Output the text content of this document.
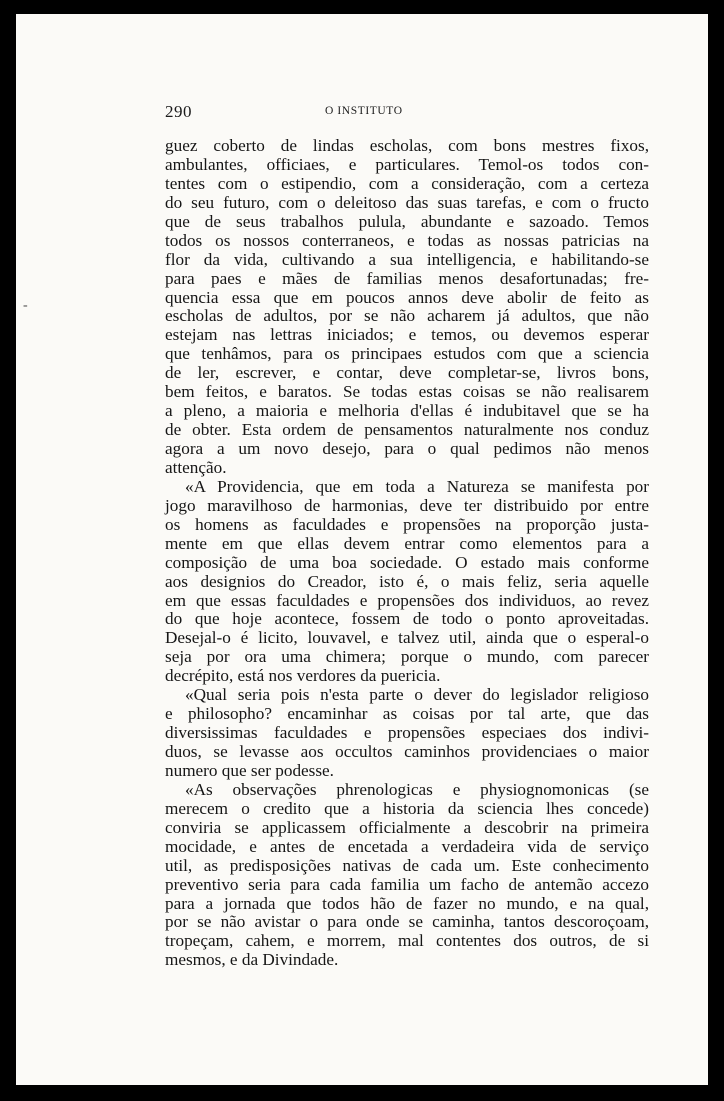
290	O INSTITUTO
-
guez coberto de lindas escholas, com bons mestres fixos,
ambulantes, officiaes, e particulares. Temol-os todos con-
tentes com o estipendio, com a consideração, com a certeza
do seu futuro, com o deleitoso das suas tarefas, e com o fructo
que de seus trabalhos pulula, abundante e sazoado. Temos
todos os nossos conterraneos, e todas as nossas patricias na
flor da vida, cultivando a sua intelligencia, e habilitando-se
para paes e mães de familias menos desafortunadas; fre-
quencia essa que em poucos annos deve abolir de feito as
escholas de adultos, por se não acharem já adultos, que não
estejam nas lettras iniciados; e temos, ou devemos esperar
que tenhâmos, para os principaes estudos com que a sciencia
de ler, escrever, e contar, deve completar-se, livros bons,
bem feitos, e baratos. Se todas estas coisas se não realisarem
a pleno, a maioria e melhoria d'ellas é indubitavel que se ha
de obter. Esta ordem de pensamentos naturalmente nos conduz
agora a um novo desejo, para o qual pedimos não menos
attenção.
«A Providencia, que em toda a Natureza se manifesta por
jogo maravilhoso de harmonias, deve ter distribuido por entre
os homens as faculdades e propensões na proporção justa-
mente em que ellas devem entrar como elementos para a
composição de uma boa sociedade. O estado mais conforme
aos designios do Creador, isto é, o mais feliz, seria aquelle
em que essas faculdades e propensões dos individuos, ao revez
do que hoje acontece, fossem de todo o ponto aproveitadas.
Desejal-o é licito, louvavel, e talvez util, ainda que o esperal-o
seja por ora uma chimera; porque o mundo, com parecer
decrépito, está nos verdores da puericia.
«Qual seria pois n'esta parte o dever do legislador religioso
e philosopho? encaminhar as coisas por tal arte, que das
diversissimas faculdades e propensões especiaes dos indivi-
duos, se levasse aos occultos caminhos providenciaes o maior
numero que ser podesse.
«As observações phrenologicas e physiognomonicas (se
merecem o credito que a historia da sciencia lhes concede)
conviria se applicassem officialmente a descobrir na primeira
mocidade, e antes de encetada a verdadeira vida de serviço
util, as predisposições nativas de cada um. Este conhecimento
preventivo seria para cada familia um facho de antemão accezo
para a jornada que todos hão de fazer no mundo, e na qual,
por se não avistar o para onde se caminha, tantos descoroçoam,
tropeçam, cahem, e morrem, mal contentes dos outros, de si
mesmos, e da Divindade.
